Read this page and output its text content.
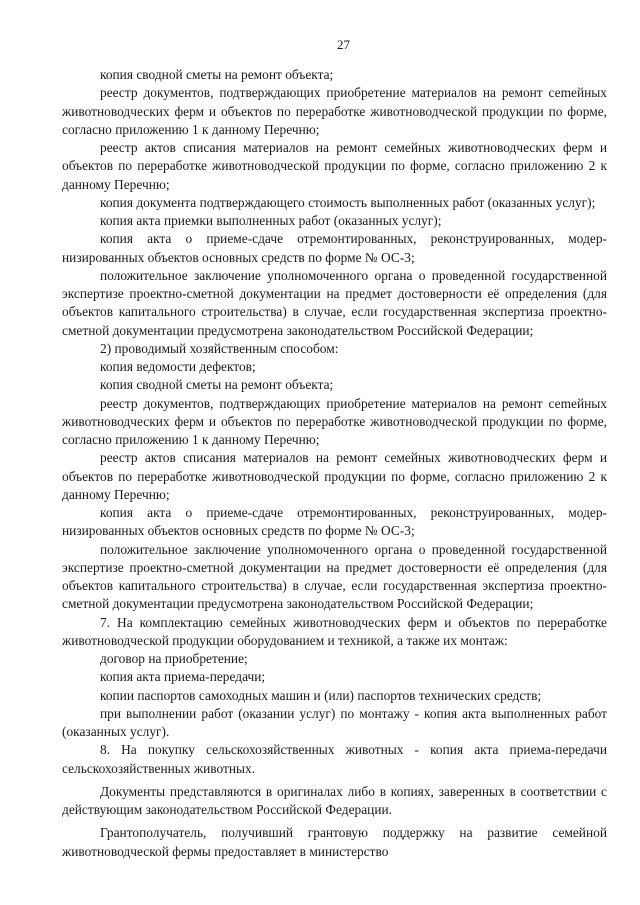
27

копия сводной сметы на ремонт объекта;

реестр документов, подтверждающих приобретение материалов на ремонт сеmейных животноводческих ферм и объектов по переработке животноводческой продукции по форме, согласно приложению 1 к данному Перечню;

реестр актов списания материалов на ремонт семейных животноводческих ферм и объектов по переработке животноводческой продукции по форме, согласно приложению 2 к данному Перечню;

копия документа подтверждающего стоимость выполненных работ (оказанных услуг);

копия акта приемки выполненных работ (оказанных услуг);

копия акта о приеме-сдаче отремонтированных, реконструированных, модернизированных объектов основных средств по форме № ОС-3;

положительное заключение уполномоченного органа о проведенной государственной экспертизе проектно-сметной документации на предмет достоверности её определения (для объектов капитального строительства) в случае, если государственная экспертиза проектно-сметной документации предусмотрена законодательством Российской Федерации;

2) проводимый хозяйственным способом:

копия ведомости дефектов;

копия сводной сметы на ремонт объекта;

реестр документов, подтверждающих приобретение материалов на ремонт сеmейных животноводческих ферм и объектов по переработке животноводческой продукции по форме, согласно приложению 1 к данному Перечню;

реестр актов списания материалов на ремонт семейных животноводческих ферм и объектов по переработке животноводческой продукции по форме, согласно приложению 2 к данному Перечню;

копия акта о приеме-сдаче отремонтированных, реконструированных, модернизированных объектов основных средств по форме № ОС-3;

положительное заключение уполномоченного органа о проведенной государственной экспертизе проектно-сметной документации на предмет достоверности её определения (для объектов капитального строительства) в случае, если государственная экспертиза проектно-сметной документации предусмотрена законодательством Российской Федерации;

7. На комплектацию семейных животноводческих ферм и объектов по переработке животноводческой продукции оборудованием и техникой, а также их монтаж:

договор на приобретение;

копия акта приема-передачи;

копии паспортов самоходных машин и (или) паспортов технических средств;

при выполнении работ (оказании услуг) по монтажу - копия акта выполненных работ (оказанных услуг).

8. На покупку сельскохозяйственных животных - копия акта приема-передачи сельскохозяйственных животных.

Документы представляются в оригиналах либо в копиях, заверенных в соответствии с действующим законодательством Российской Федерации.

Грантополучатель, получивший грантовую поддержку на развитие семейной животноводческой фермы предоставляет в министерство
